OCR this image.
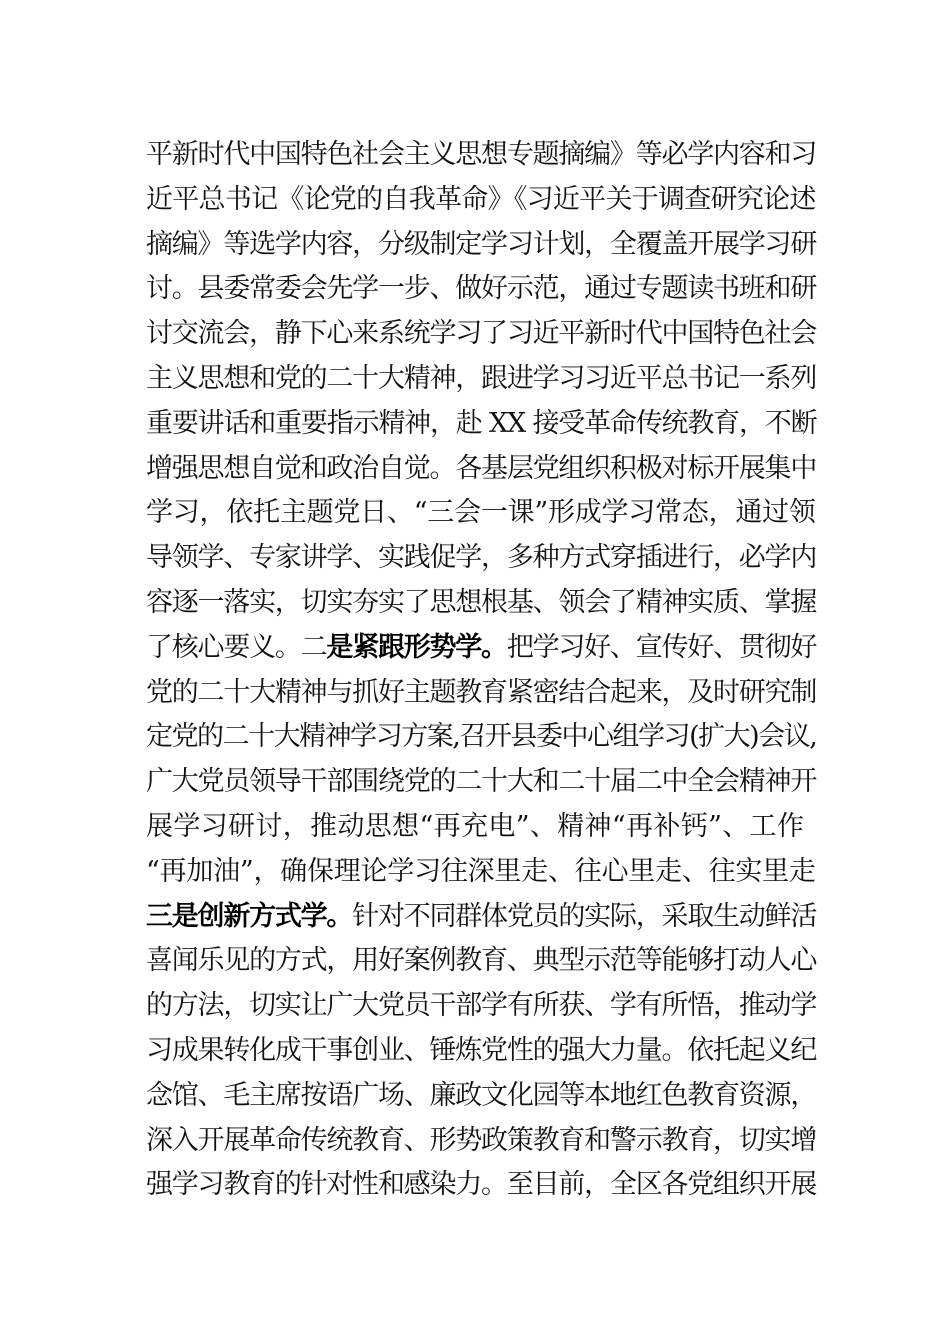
平新时代中国特色社会主义思想专题摘编》等必学内容和习
近平总书记《论党的自我革命》《习近平关于调查研究论述
摘编》等选学内容，分级制定学习计划，全覆盖开展学习研
讨。县委常委会先学一步、做好示范，通过专题读书班和研
讨交流会，静下心来系统学习了习近平新时代中国特色社会
主义思想和党的二十大精神，跟进学习习近平总书记一系列
重要讲话和重要指示精神，赴 XX 接受革命传统教育，不断
增强思想自觉和政治自觉。各基层党组织积极对标开展集中
学习，依托主题党日、“三会一课”形成学习常态，通过领
导领学、专家讲学、实践促学，多种方式穿插进行，必学内
容逐一落实，切实夯实了思想根基、领会了精神实质、掌握
了核心要义。二是紧跟形势学。把学习好、宣传好、贯彻好
党的二十大精神与抓好主题教育紧密结合起来，及时研究制
定党的二十大精神学习方案,召开县委中心组学习(扩大)会议,
广大党员领导干部围绕党的二十大和二十届二中全会精神开
展学习研讨，推动思想“再充电”、精神“再补钙”、工作
“再加油”，确保理论学习往深里走、往心里走、往实里走
三是创新方式学。针对不同群体党员的实际，采取生动鲜活
喜闻乐见的方式，用好案例教育、典型示范等能够打动人心
的方法，切实让广大党员干部学有所获、学有所悟，推动学
习成果转化成干事创业、锤炼党性的强大力量。依托起义纪
念馆、毛主席按语广场、廉政文化园等本地红色教育资源，
深入开展革命传统教育、形势政策教育和警示教育，切实增
强学习教育的针对性和感染力。至目前，全区各党组织开展
